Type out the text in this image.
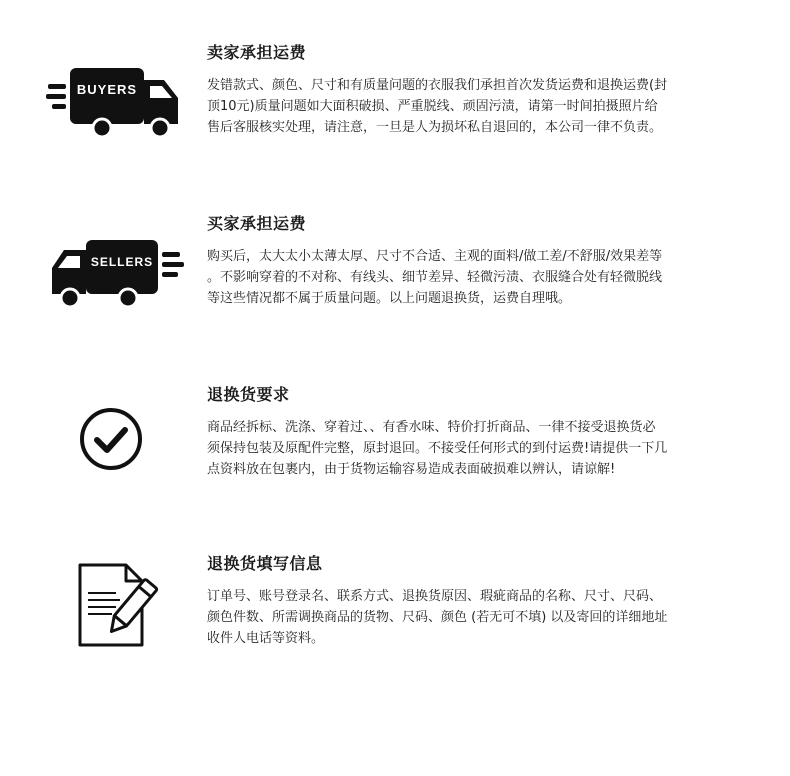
BUYERS
卖家承担运费

发错款式、颜色、尺寸和有质量问题的衣服我们承担首次发货运费和退换运费(封
顶10元)质量问题如大面积破损、严重脱线、顽固污渍，请第一时间拍摄照片给
售后客服核实处理，请注意，一旦是人为损坏私自退回的，本公司一律不负责。

SELLERS
买家承担运费

购买后，太大太小太薄太厚、尺寸不合适、主观的面料/做工差/不舒服/效果差等
。不影响穿着的不对称、有线头、细节差异、轻微污渍、衣服缝合处有轻微脱线
等这些情况都不属于质量问题。以上问题退换货，运费自理哦。

退换货要求

商品经拆标、洗涤、穿着过、、有香水味、特价打折商品、一律不接受退换货必
须保持包装及原配件完整，原封退回。不接受任何形式的到付运费!请提供一下几
点资料放在包裹内，由于货物运输容易造成表面破损难以辨认，请谅解!

退换货填写信息

订单号、账号登录名、联系方式、退换货原因、瑕疵商品的名称、尺寸、尺码、
颜色件数、所需调换商品的货物、尺码、颜色 (若无可不填) 以及寄回的详细地址
收件人电话等资料。
